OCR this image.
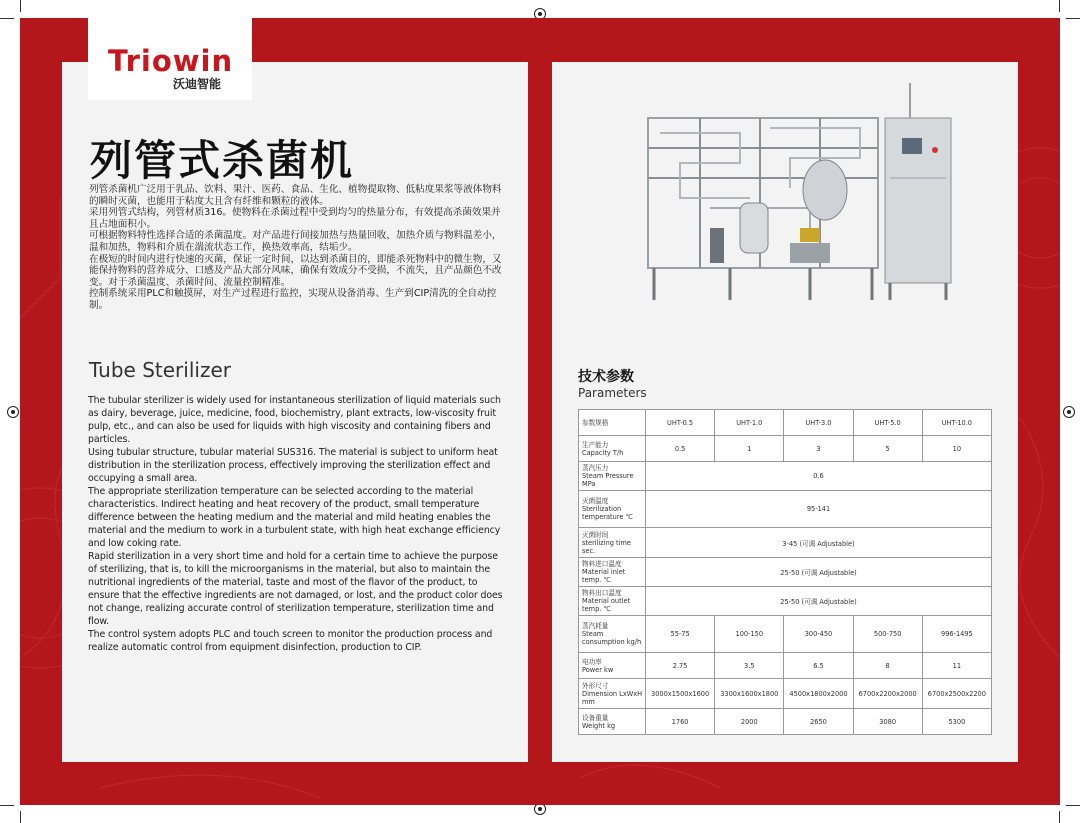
Triowin
沃迪智能
列管式杀菌机

列管杀菌机广泛用于乳品、饮料、果汁、医药、食品、生化、植物提取物、低粘度果浆等液体物料的瞬时灭菌，也能用于粘度大且含有纤维和颗粒的液体。

采用列管式结构，列管材质316。使物料在杀菌过程中受到均匀的热量分布，有效提高杀菌效果并且占地面积小。

可根据物料特性选择合适的杀菌温度。对产品进行间接加热与热量回收，加热介质与物料温差小，温和加热，物料和介质在湍流状态工作，换热效率高，结垢少。

在极短的时间内进行快速的灭菌，保证一定时间，以达到杀菌目的，即能杀死物料中的微生物，又能保持物料的营养成分、口感及产品大部分风味，确保有效成分不受损，不流失，且产品颜色不改变。对于杀菌温度、杀菌时间、流量控制精准。

控制系统采用PLC和触摸屏，对生产过程进行监控，实现从设备消毒、生产到CIP清洗的全自动控制。

Tube Sterilizer

The tubular sterilizer is widely used for instantaneous sterilization of liquid materials such as dairy, beverage, juice, medicine, food, biochemistry, plant extracts, low-viscosity fruit pulp, etc., and can also be used for liquids with high viscosity and containing fibers and particles.

Using tubular structure, tubular material SUS316. The material is subject to uniform heat distribution in the sterilization process, effectively improving the sterilization effect and occupying a small area.

The appropriate sterilization temperature can be selected according to the material characteristics. Indirect heating and heat recovery of the product, small temperature difference between the heating medium and the material and mild heating enables the material and the medium to work in a turbulent state, with high heat exchange efficiency and low coking rate.

Rapid sterilization in a very short time and hold for a certain time to achieve the purpose of sterilizing, that is, to kill the microorganisms in the material, but also to maintain the nutritional ingredients of the material, taste and most of the flavor of the product, to ensure that the effective ingredients are not damaged, or lost, and the product color does not change, realizing accurate control of sterilization temperature, sterilization time and flow.

The control system adopts PLC and touch screen to monitor the production process and realize automatic control from equipment disinfection, production to CIP.

技术参数
Parameters
参数规格	UHT-0.5	UHT-1.0	UHT-3.0	UHT-5.0	UHT-10.0
生产能力
Capacity T/h	0.5	1	3	5	10
蒸汽压力
Steam Pressure MPa	0.6				
灭菌温度
Sterilization temperature ℃	95-141				
灭菌时间
sterilizing time sec.	3-45 (可调 Adjustable)				
物料进口温度
Material inlet temp. ℃	25-50 (可调 Adjustable)				
物料出口温度
Material outlet temp. ℃	25-50 (可调 Adjustable)				
蒸汽耗量
Steam consumption kg/h	55-75	100-150	300-450	500-750	996-1495
电功率
Power kw	2.75	3.5	6.5	8	11
外形尺寸
Dimension LxWxH mm	3000x1500x1600	3300x1600x1800	4500x1800x2000	6700x2200x2000	6700x2500x2200
设备重量
Weight kg	1760	2000	2650	3080	5300
